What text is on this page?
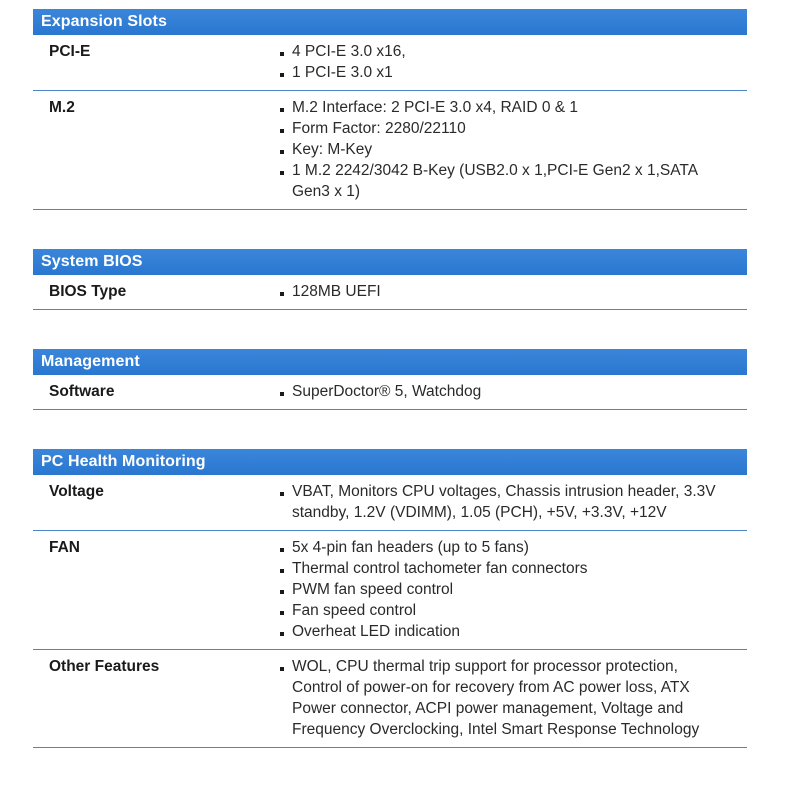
Expansion Slots
PCI-E	4 PCI-E 3.0 x16,
1 PCI-E 3.0 x1
M.2	M.2 Interface: 2 PCI-E 3.0 x4, RAID 0 & 1
Form Factor: 2280/22110
Key: M-Key
1 M.2 2242/3042 B-Key (USB2.0 x 1,PCI-E Gen2 x 1,SATA Gen3 x 1)
System BIOS
BIOS Type	128MB UEFI
Management
Software	SuperDoctor® 5, Watchdog
PC Health Monitoring
Voltage	VBAT, Monitors CPU voltages, Chassis intrusion header, 3.3V standby, 1.2V (VDIMM), 1.05 (PCH), +5V, +3.3V, +12V
FAN	5x 4-pin fan headers (up to 5 fans)
Thermal control tachometer fan connectors
PWM fan speed control
Fan speed control
Overheat LED indication
Other Features	WOL, CPU thermal trip support for processor protection, Control of power-on for recovery from AC power loss, ATX Power connector, ACPI power management, Voltage and Frequency Overclocking, Intel Smart Response Technology
